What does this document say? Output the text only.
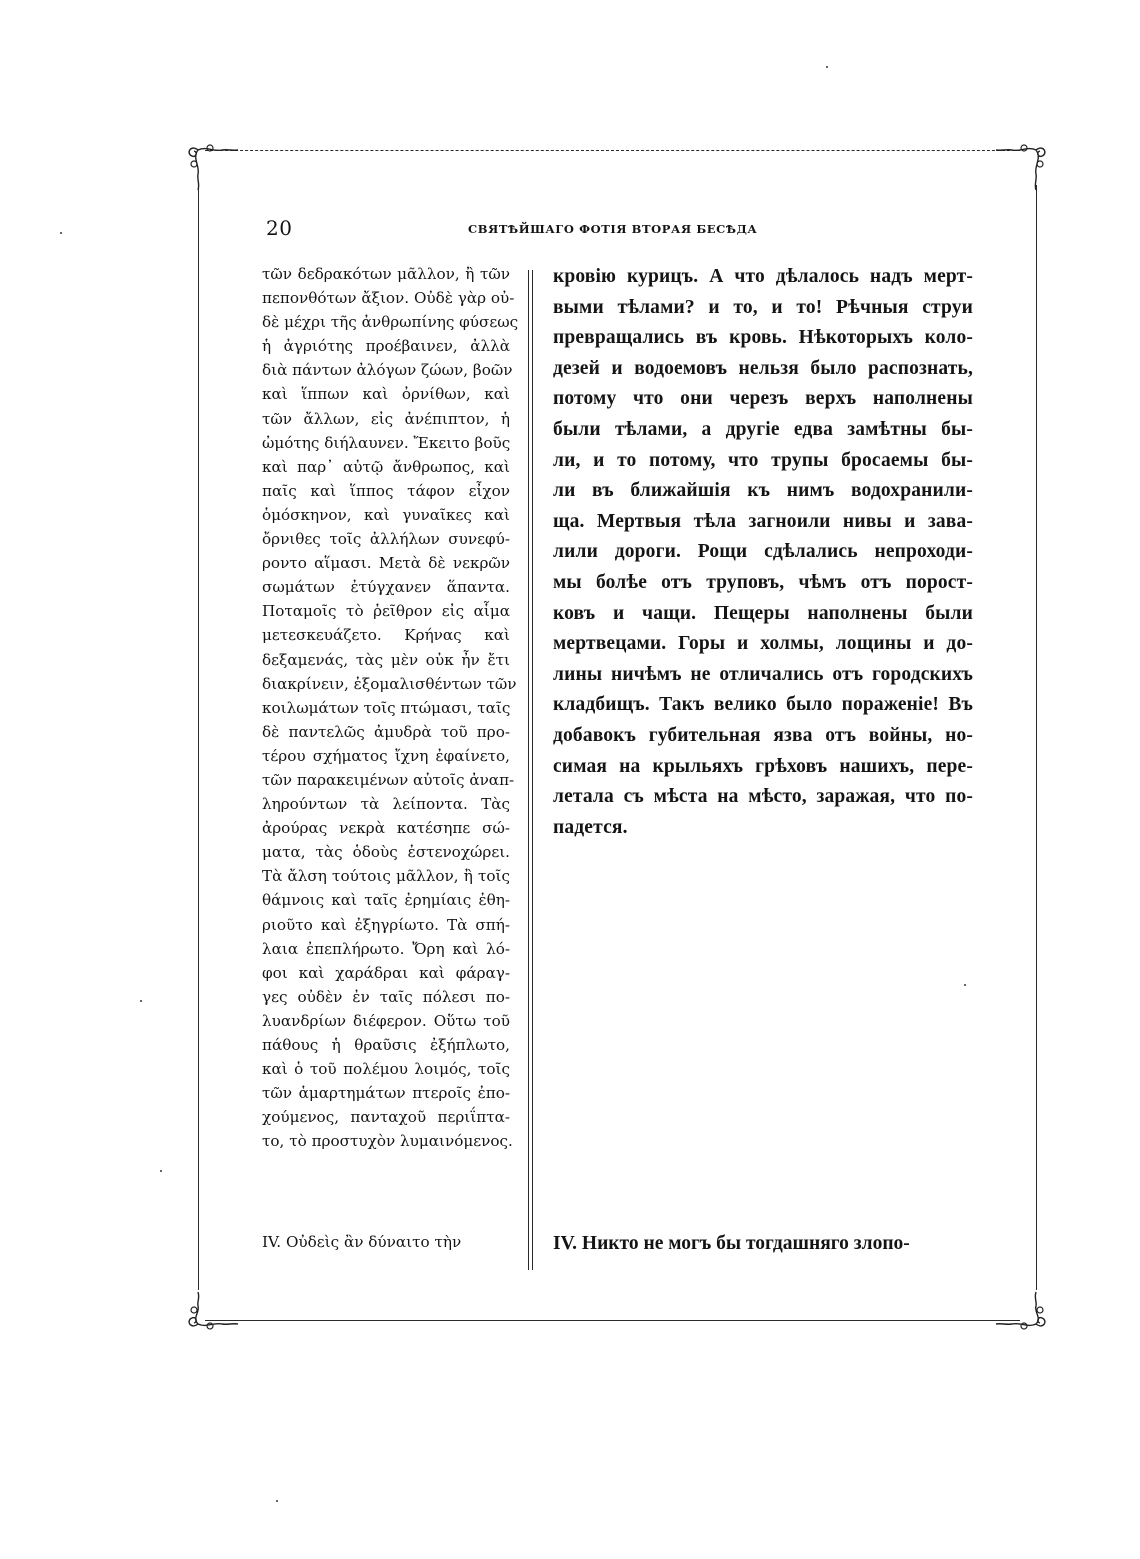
20	СВЯТѢЙШАГО ФОТІЯ ВТОРАЯ БЕСѢДА
τῶν δεδρακότων μᾶλλον, ἢ τῶν
πεπονθότων ἄξιον. Οὐδὲ γὰρ οὐ-
δὲ μέχρι τῆς ἀνθρωπίνης φύσεως
ἡ ἀγριότης προέβαινεν, ἀλλὰ
διὰ πάντων ἀλόγων ζώων, βοῶν
καὶ ἵππων καὶ ὀρνίθων, καὶ
τῶν ἄλλων, εἰς ἀνέπιπτον, ἡ
ὠμότης διήλαυνεν. Ἔκειτο βοῦς
καὶ παρ᾽ αὐτῷ ἄνθρωπος, καὶ
παῖς καὶ ἵππος τάφον εἶχον
ὁμόσκηνον, καὶ γυναῖκες καὶ
ὄρνιθες τοῖς ἀλλήλων συνεφύ-
ροντο αἵμασι. Μετὰ δὲ νεκρῶν
σωμάτων ἐτύγχανεν ἅπαντα.
Ποταμοῖς τὸ ῥεῖθρον εἰς αἷμα
μετεσκευάζετο. Κρήνας καὶ
δεξαμενάς, τὰς μὲν οὐκ ἦν ἔτι
διακρίνειν, ἐξομαλισθέντων τῶν
κοιλωμάτων τοῖς πτώμασι, ταῖς
δὲ παντελῶς ἀμυδρὰ τοῦ προ-
τέρου σχήματος ἴχνη ἐφαίνετο,
τῶν παρακειμένων αὐτοῖς ἀναπ-
ληρούντων τὰ λείποντα. Τὰς
ἀρούρας νεκρὰ κατέσηπε σώ-
ματα, τὰς ὁδοὺς ἐστενοχώρει.
Τὰ ἄλση τούτοις μᾶλλον, ἢ τοῖς
θάμνοις καὶ ταῖς ἐρημίαις ἐθη-
ριοῦτο καὶ ἐξηγρίωτο. Τὰ σπή-
λαια ἐπεπλήρωτο. Ὄρη καὶ λό-
φοι καὶ χαράδραι καὶ φάραγ-
γες οὐδὲν ἐν ταῖς πόλεσι πο-
λυανδρίων διέφερον. Οὕτω τοῦ
πάθους ἡ θραῦσις ἐξήπλωτο,
καὶ ὁ τοῦ πολέμου λοιμός, τοῖς
τῶν ἁμαρτημάτων πτεροῖς ἐπο-
χούμενος, πανταχοῦ περιΐπτα-
το, τὸ προστυχὸν λυμαινόμενος.
кровію курицъ. А что дѣлалось надъ мерт-
выми тѣлами? и то, и то! Рѣчныя струи
превращались въ кровь. Нѣкоторыхъ коло-
дезей и водоемовъ нельзя было распознать,
потому что они черезъ верхъ наполнены
были тѣлами, а другіе едва замѣтны бы-
ли, и то потому, что трупы бросаемы бы-
ли въ ближайшія къ нимъ водохранили-
ща. Мертвыя тѣла загноили нивы и зава-
лили дороги. Рощи сдѣлались непроходи-
мы болѣе отъ труповъ, чѣмъ отъ порост-
ковъ и чащи. Пещеры наполнены были
мертвецами. Горы и холмы, лощины и до-
лины ничѣмъ не отличались отъ городскихъ
кладбищъ. Такъ велико было пораженіе! Въ
добавокъ губительная язва отъ войны, но-
симая на крыльяхъ грѣховъ нашихъ, пере-
летала съ мѣста на мѣсто, заражая, что по-
падется.
IV. Οὐδεὶς ἂν δύναιτο τὴν	IV. Никто не могъ бы тогдашняго злопо-
